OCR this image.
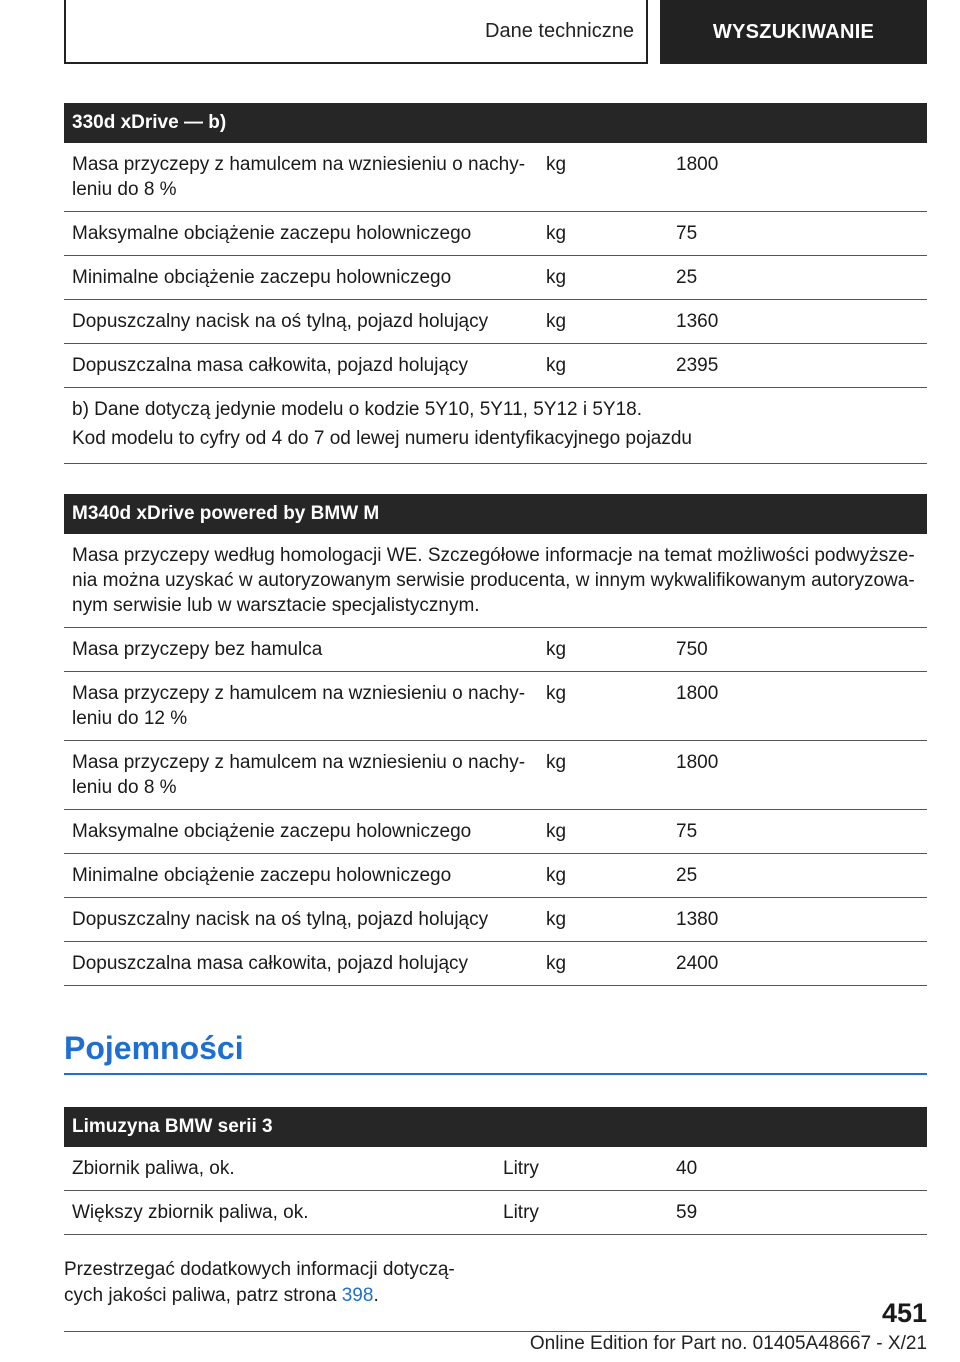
Dane techniczne	WYSZUKIWANIE
330d xDrive — b)		
Masa przyczepy z hamulcem na wzniesieniu o nachy-
leniu do 8 %	kg	1800
Maksymalne obciążenie zaczepu holowniczego	kg	75
Minimalne obciążenie zaczepu holowniczego	kg	25
Dopuszczalny nacisk na oś tylną, pojazd holujący	kg	1360
Dopuszczalna masa całkowita, pojazd holujący	kg	2395

b) Dane dotyczą jedynie modelu o kodzie 5Y10, 5Y11, 5Y12 i 5Y18.
Kod modelu to cyfry od 4 do 7 od lewej numeru identyfikacyjnego pojazdu		
M340d xDrive powered by BMW M		
Masa przyczepy według homologacji WE. Szczegółowe informacje na temat możliwości podwyższe-
nia można uzyskać w autoryzowanym serwisie producenta, w innym wykwalifikowanym autoryzowa-
nym serwisie lub w warsztacie specjalistycznym.		
Masa przyczepy bez hamulca	kg	750
Masa przyczepy z hamulcem na wzniesieniu o nachy-
leniu do 12 %	kg	1800
Masa przyczepy z hamulcem na wzniesieniu o nachy-
leniu do 8 %	kg	1800
Maksymalne obciążenie zaczepu holowniczego	kg	75
Minimalne obciążenie zaczepu holowniczego	kg	25
Dopuszczalny nacisk na oś tylną, pojazd holujący	kg	1380
Dopuszczalna masa całkowita, pojazd holujący	kg	2400
Pojemności
Limuzyna BMW serii 3		
Zbiornik paliwa, ok.	Litry	40
Większy zbiornik paliwa, ok.	Litry	59

Przestrzegać dodatkowych informacji dotyczą-
cych jakości paliwa, patrz strona 398.

451
Online Edition for Part no. 01405A48667 - X/21
